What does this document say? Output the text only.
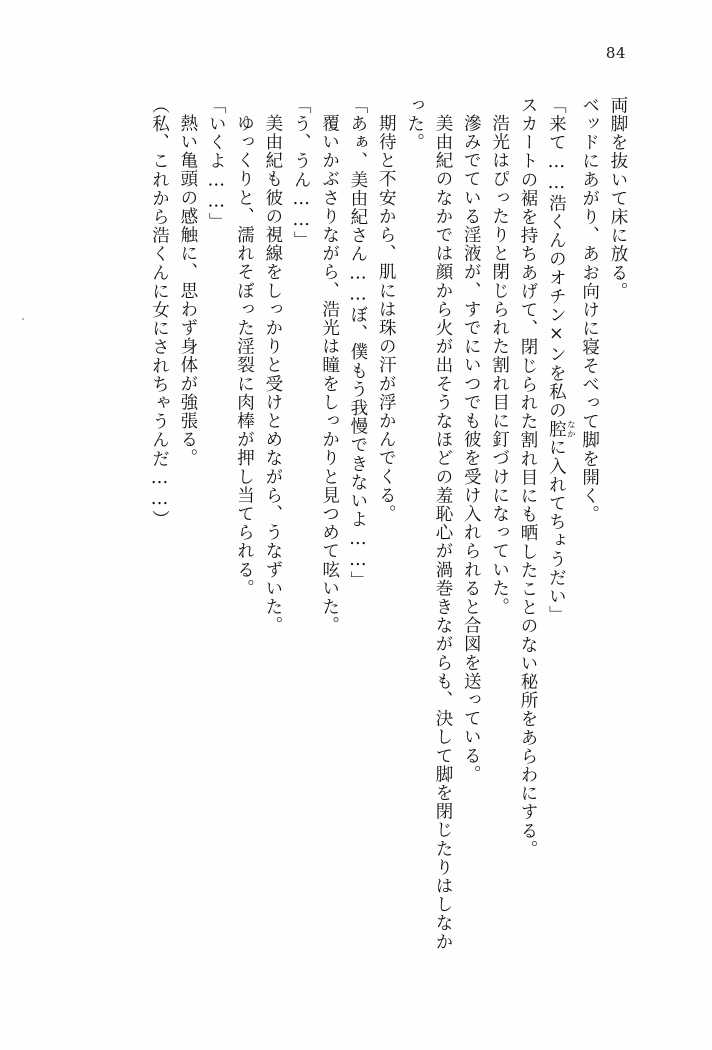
84

両脚を抜いて床に放る。

ベッドにあがり、あお向けに寝そべって脚を開く。

「来て……浩くんのオチン×ンを私の腔 なかに入れてちょうだい」

スカートの裾を持ちあげて、閉じられた割れ目にも晒したことのない秘所をあらわにする。

浩光はぴったりと閉じられた割れ目に釘づけになっていた。

滲みでている淫液が、すでにいつでも彼を受け入れられると合図を送っている。

美由紀のなかでは顔から火が出そうなほどの羞恥心が渦巻きながらも、決して脚を閉じたりはしなかった。

期待と不安から、肌には珠の汗が浮かんでくる。

「あぁ、美由紀さん……ぼ、僕もう我慢できないよ……」

覆いかぶさりながら、浩光は瞳をしっかりと見つめて呟いた。

「う、うん……」

美由紀も彼の視線をしっかりと受けとめながら、うなずいた。

ゆっくりと、濡れそぼった淫裂に肉棒が押し当てられる。

「いくよ……」

熱い亀頭の感触に、思わず身体が強張る。

（私、これから浩くんに女にされちゃうんだ……）
